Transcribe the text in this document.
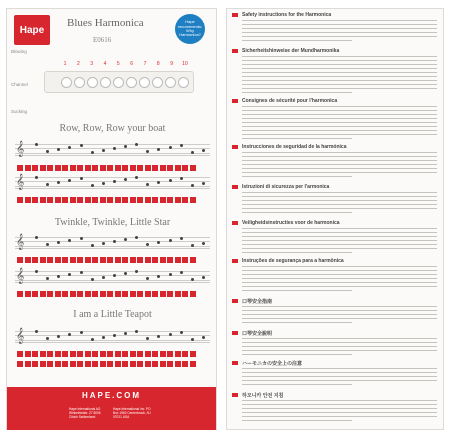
Hape
Blues Harmonica
E0616
Hape recommends: Why Harmonica?
Blowing
Channel
Sucking
1	2	3	4	5	6	7	8	9	10
Row, Row, Row your boat
𝄞
𝄞
Twinkle, Twinkle, Little Star
𝄞
𝄞
I am a Little Teapot
𝄞
HAPE.COM
Hape International AG Winkelriedstr. 27 8006 Zürich Switzerland
Hape International Inc. PO Box 1960 Centerbrook, NJ 07021 USA
Safety instructions for the Harmonica
Sicherheitshinweise der Mundharmonika
Consignes de sécurité pour l'harmonica
Instrucciones de seguridad de la harmónica
Istruzioni di sicurezza per l'armonica
Veiligheidsinstructies voor de harmonica
Instruções de segurança para a harmônica
口琴安全指南
口琴安全說明
ハーモニカの安全上の注意
하모니카 안전 지침
